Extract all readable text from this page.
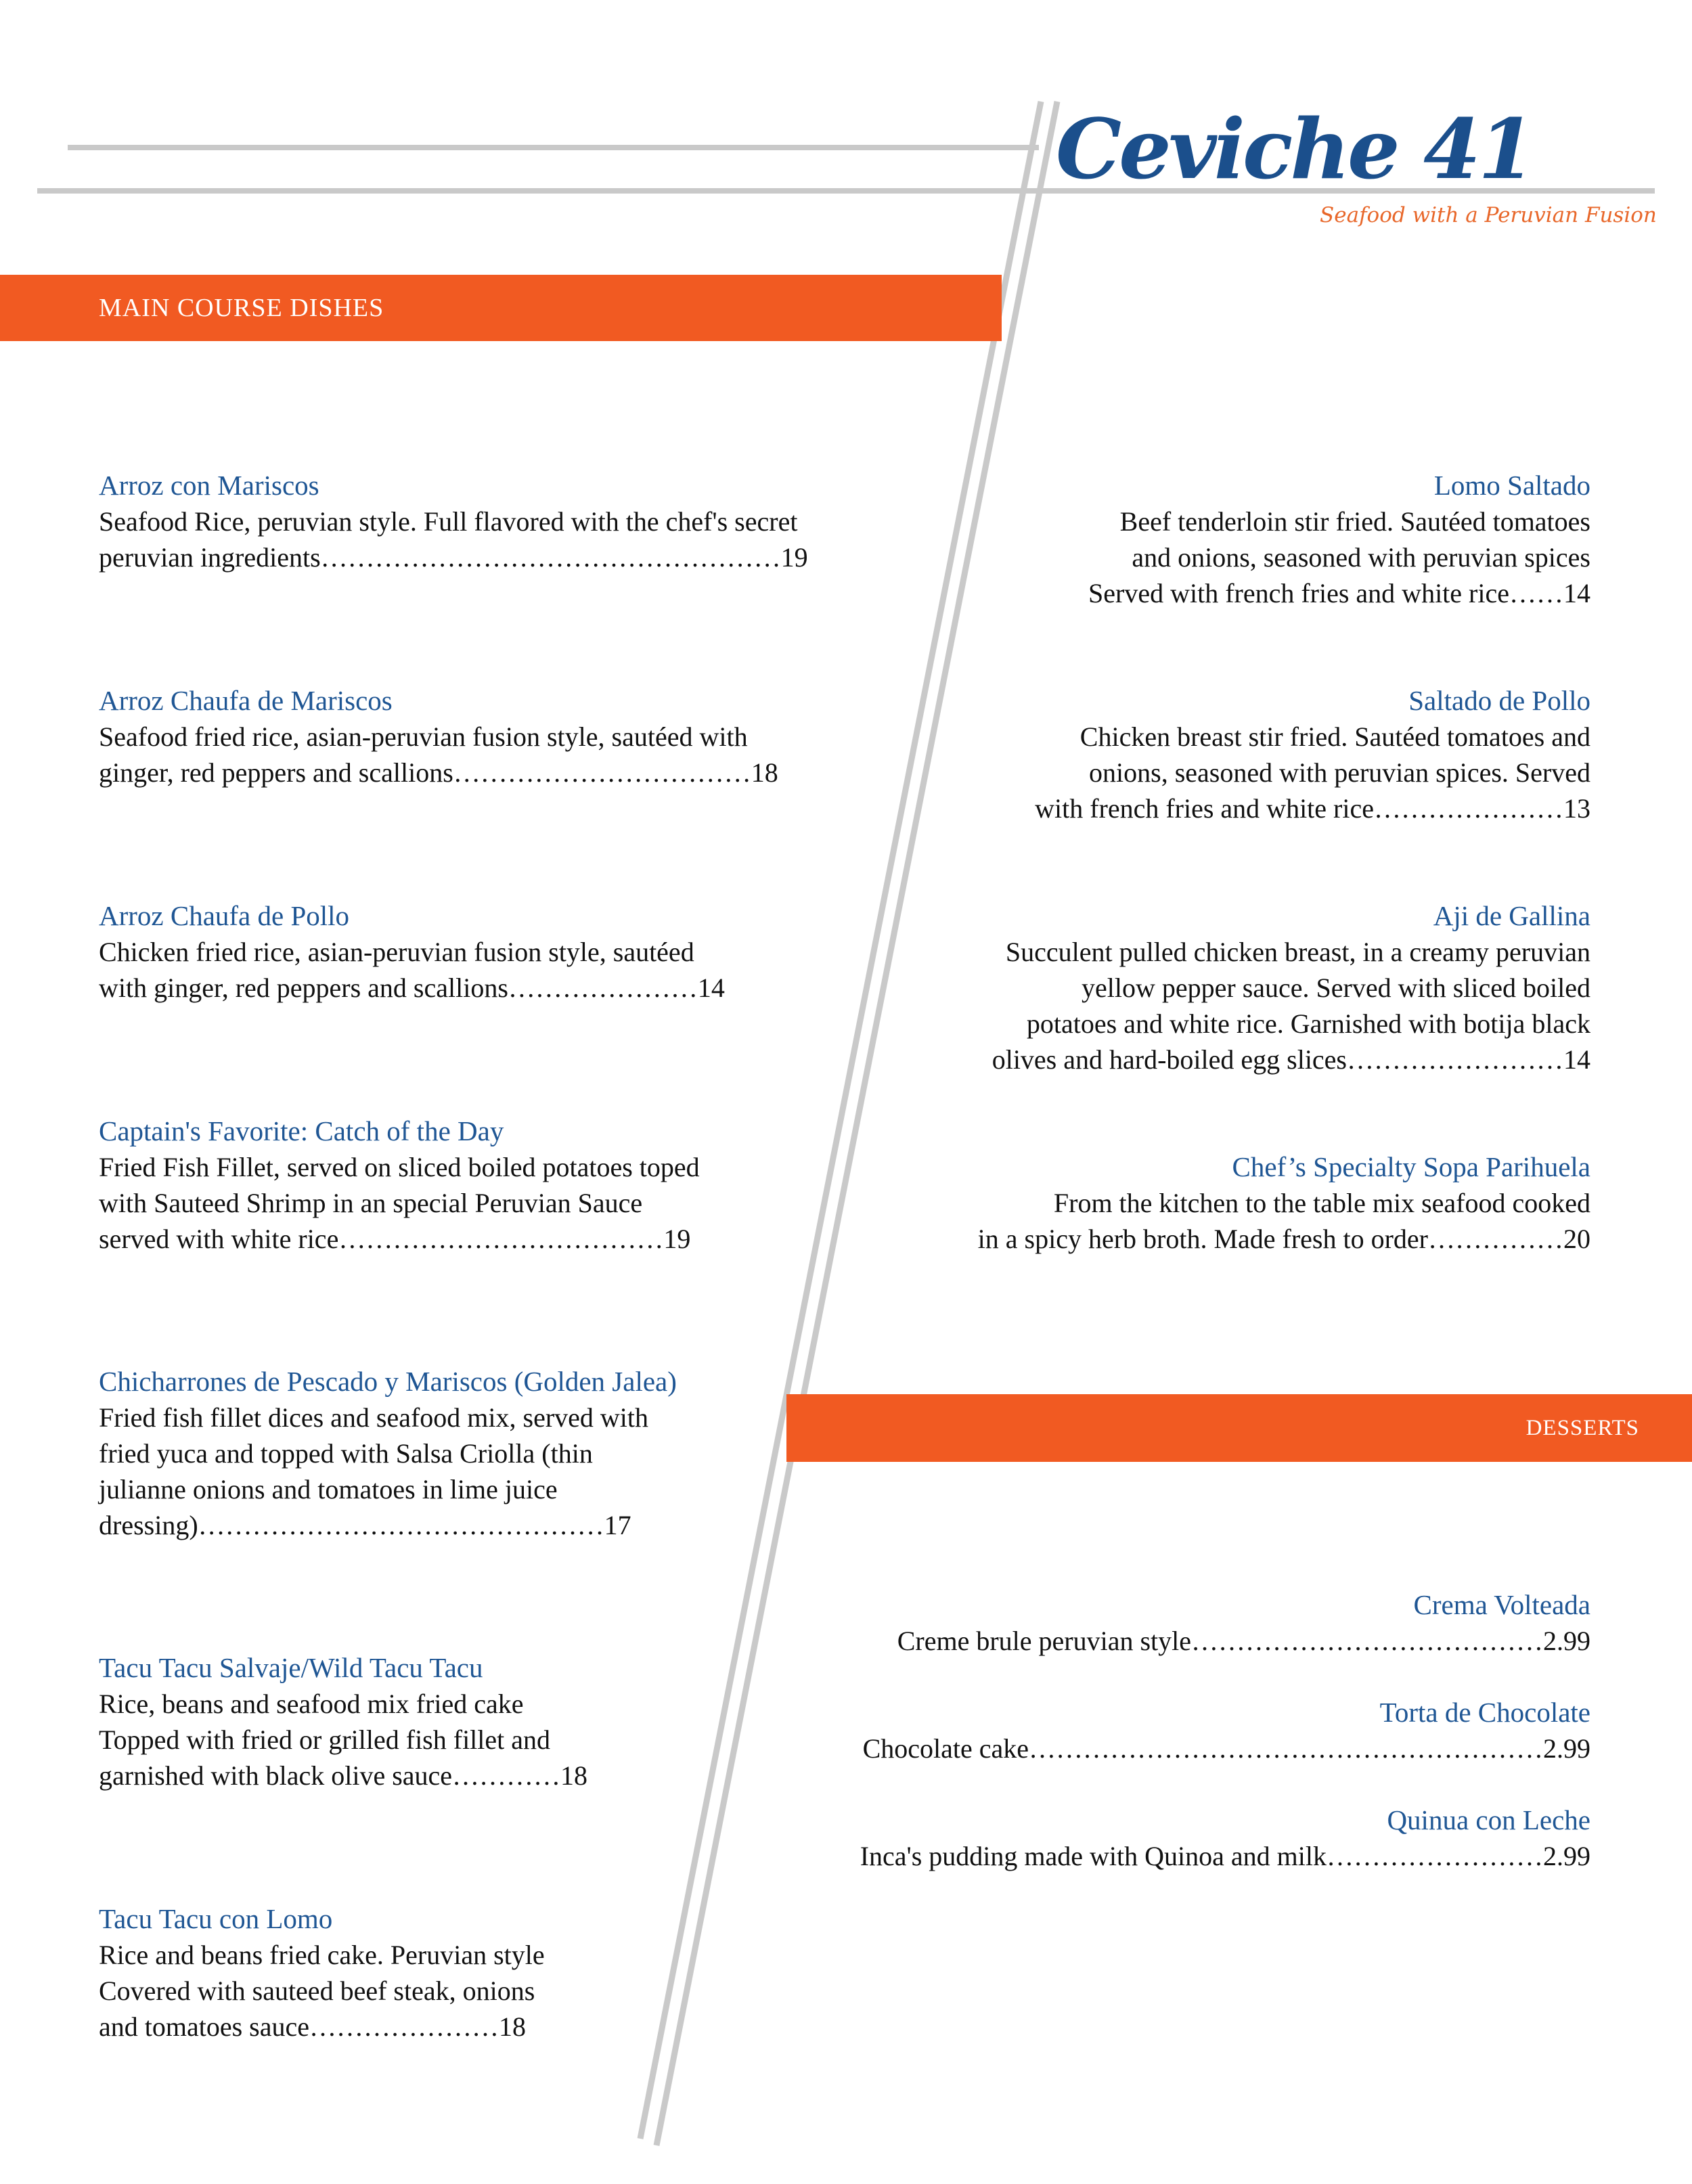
Ceviche 41
Seafood with a Peruvian Fusion
MAIN COURSE DISHES
DESSERTS
Arroz con Mariscos
Seafood Rice, peruvian style. Full flavored with the chef's secret
peruvian ingredients……………………………………………19
Arroz Chaufa de Mariscos
Seafood fried rice, asian-peruvian fusion style, sautéed with
ginger, red peppers and scallions……………………………18
Arroz Chaufa de Pollo
Chicken fried rice, asian-peruvian fusion style, sautéed
with ginger, red peppers and scallions…………………14
Captain's Favorite: Catch of the Day
Fried Fish Fillet, served on sliced boiled potatoes toped
with Sauteed Shrimp in an special Peruvian Sauce
served with white rice………………………………19
Chicharrones de Pescado y Mariscos (Golden Jalea)
Fried fish fillet dices and seafood mix, served with
fried yuca and topped with Salsa Criolla (thin
julianne onions and tomatoes in lime juice
dressing)………………………………………17
Tacu Tacu Salvaje/Wild Tacu Tacu
Rice, beans and seafood mix fried cake
Topped with fried or grilled fish fillet and
garnished with black olive sauce…………18
Tacu Tacu con Lomo
Rice and beans fried cake. Peruvian style
Covered with sauteed beef steak, onions
and tomatoes sauce…………………18
Lomo Saltado
Beef tenderloin stir fried. Sautéed tomatoes
and onions, seasoned with peruvian spices
Served with french fries and white rice……14
Saltado de Pollo
Chicken breast stir fried. Sautéed tomatoes and
onions, seasoned with peruvian spices. Served
with french fries and white rice…………………13
Aji de Gallina
Succulent pulled chicken breast, in a creamy peruvian
yellow pepper sauce. Served with sliced boiled
potatoes and white rice. Garnished with botija black
olives and hard-boiled egg slices……………………14
Chef’s Specialty Sopa Parihuela
From the kitchen to the table mix seafood cooked
in a spicy herb broth. Made fresh to order……………20
Crema Volteada
Creme brule peruvian style…………………………………2.99
Torta de Chocolate
Chocolate cake…………………………………………………2.99
Quinua con Leche
Inca's pudding made with Quinoa and milk……………………2.99
